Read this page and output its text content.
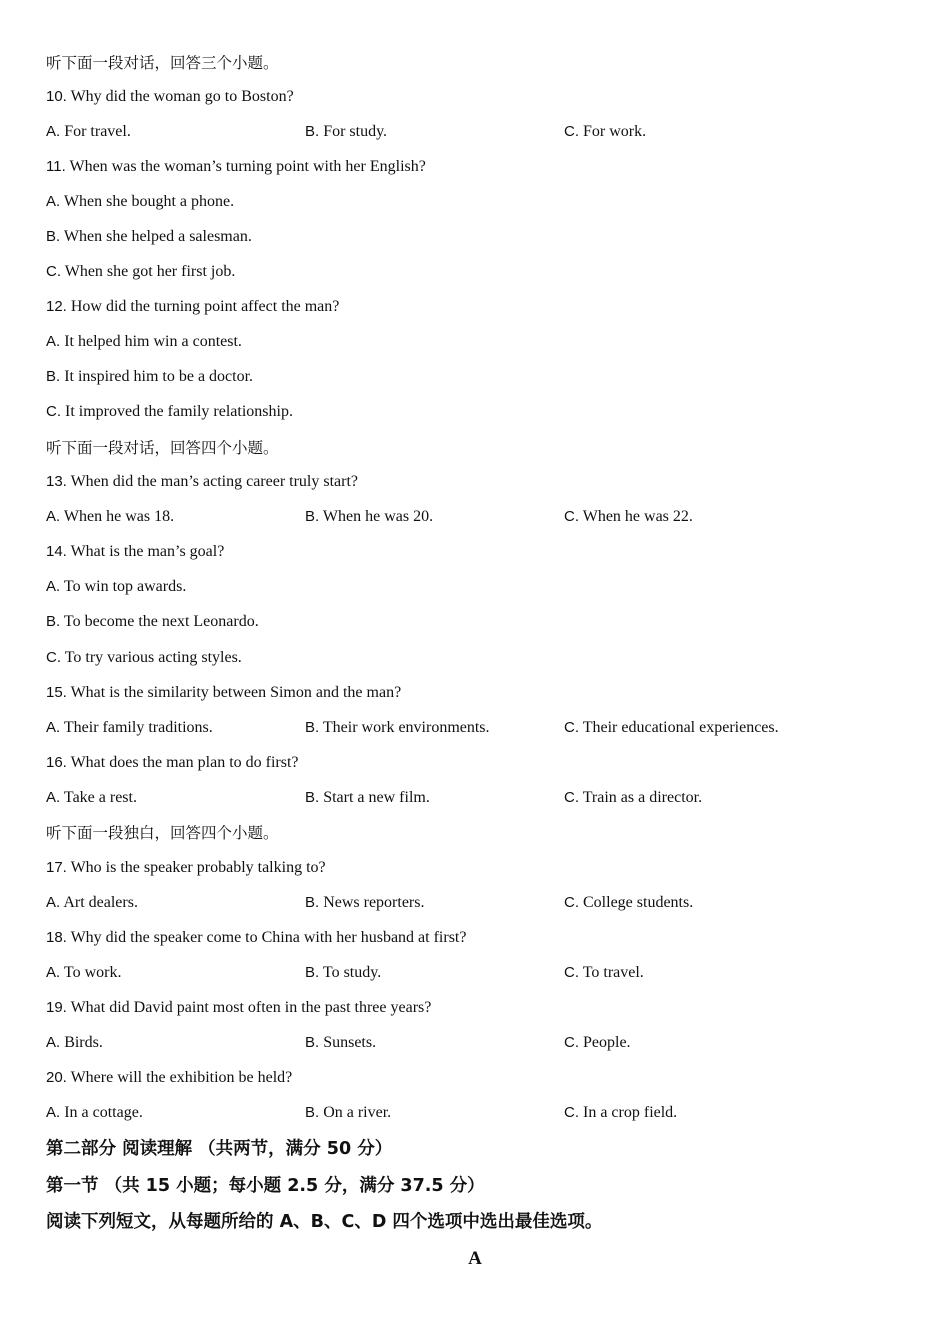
听下面一段对话，回答三个小题。
10. Why did the woman go to Boston?
A. For travel.	B. For study.	C. For work.
11. When was the woman’s turning point with her English?
A. When she bought a phone.
B. When she helped a salesman.
C. When she got her first job.
12. How did the turning point affect the man?
A. It helped him win a contest.
B. It inspired him to be a doctor.
C. It improved the family relationship.
听下面一段对话，回答四个小题。
13. When did the man’s acting career truly start?
A. When he was 18.	B. When he was 20.	C. When he was 22.
14. What is the man’s goal?
A. To win top awards.
B. To become the next Leonardo.
C. To try various acting styles.
15. What is the similarity between Simon and the man?
A. Their family traditions.	B. Their work environments.	C. Their educational experiences.
16. What does the man plan to do first?
A. Take a rest.	B. Start a new film.	C. Train as a director.
听下面一段独白，回答四个小题。
17. Who is the speaker probably talking to?
A. Art dealers.	B. News reporters.	C. College students.
18. Why did the speaker come to China with her husband at first?
A. To work.	B. To study.	C. To travel.
19. What did David paint most often in the past three years?
A. Birds.	B. Sunsets.	C. People.
20. Where will the exhibition be held?
A. In a cottage.	B. On a river.	C. In a crop field.
第二部分 阅读理解 （共两节，满分 50 分）
第一节 （共 15 小题；每小题 2.5 分，满分 37.5 分）
阅读下列短文，从每题所给的 A、B、C、D 四个选项中选出最佳选项。
A
